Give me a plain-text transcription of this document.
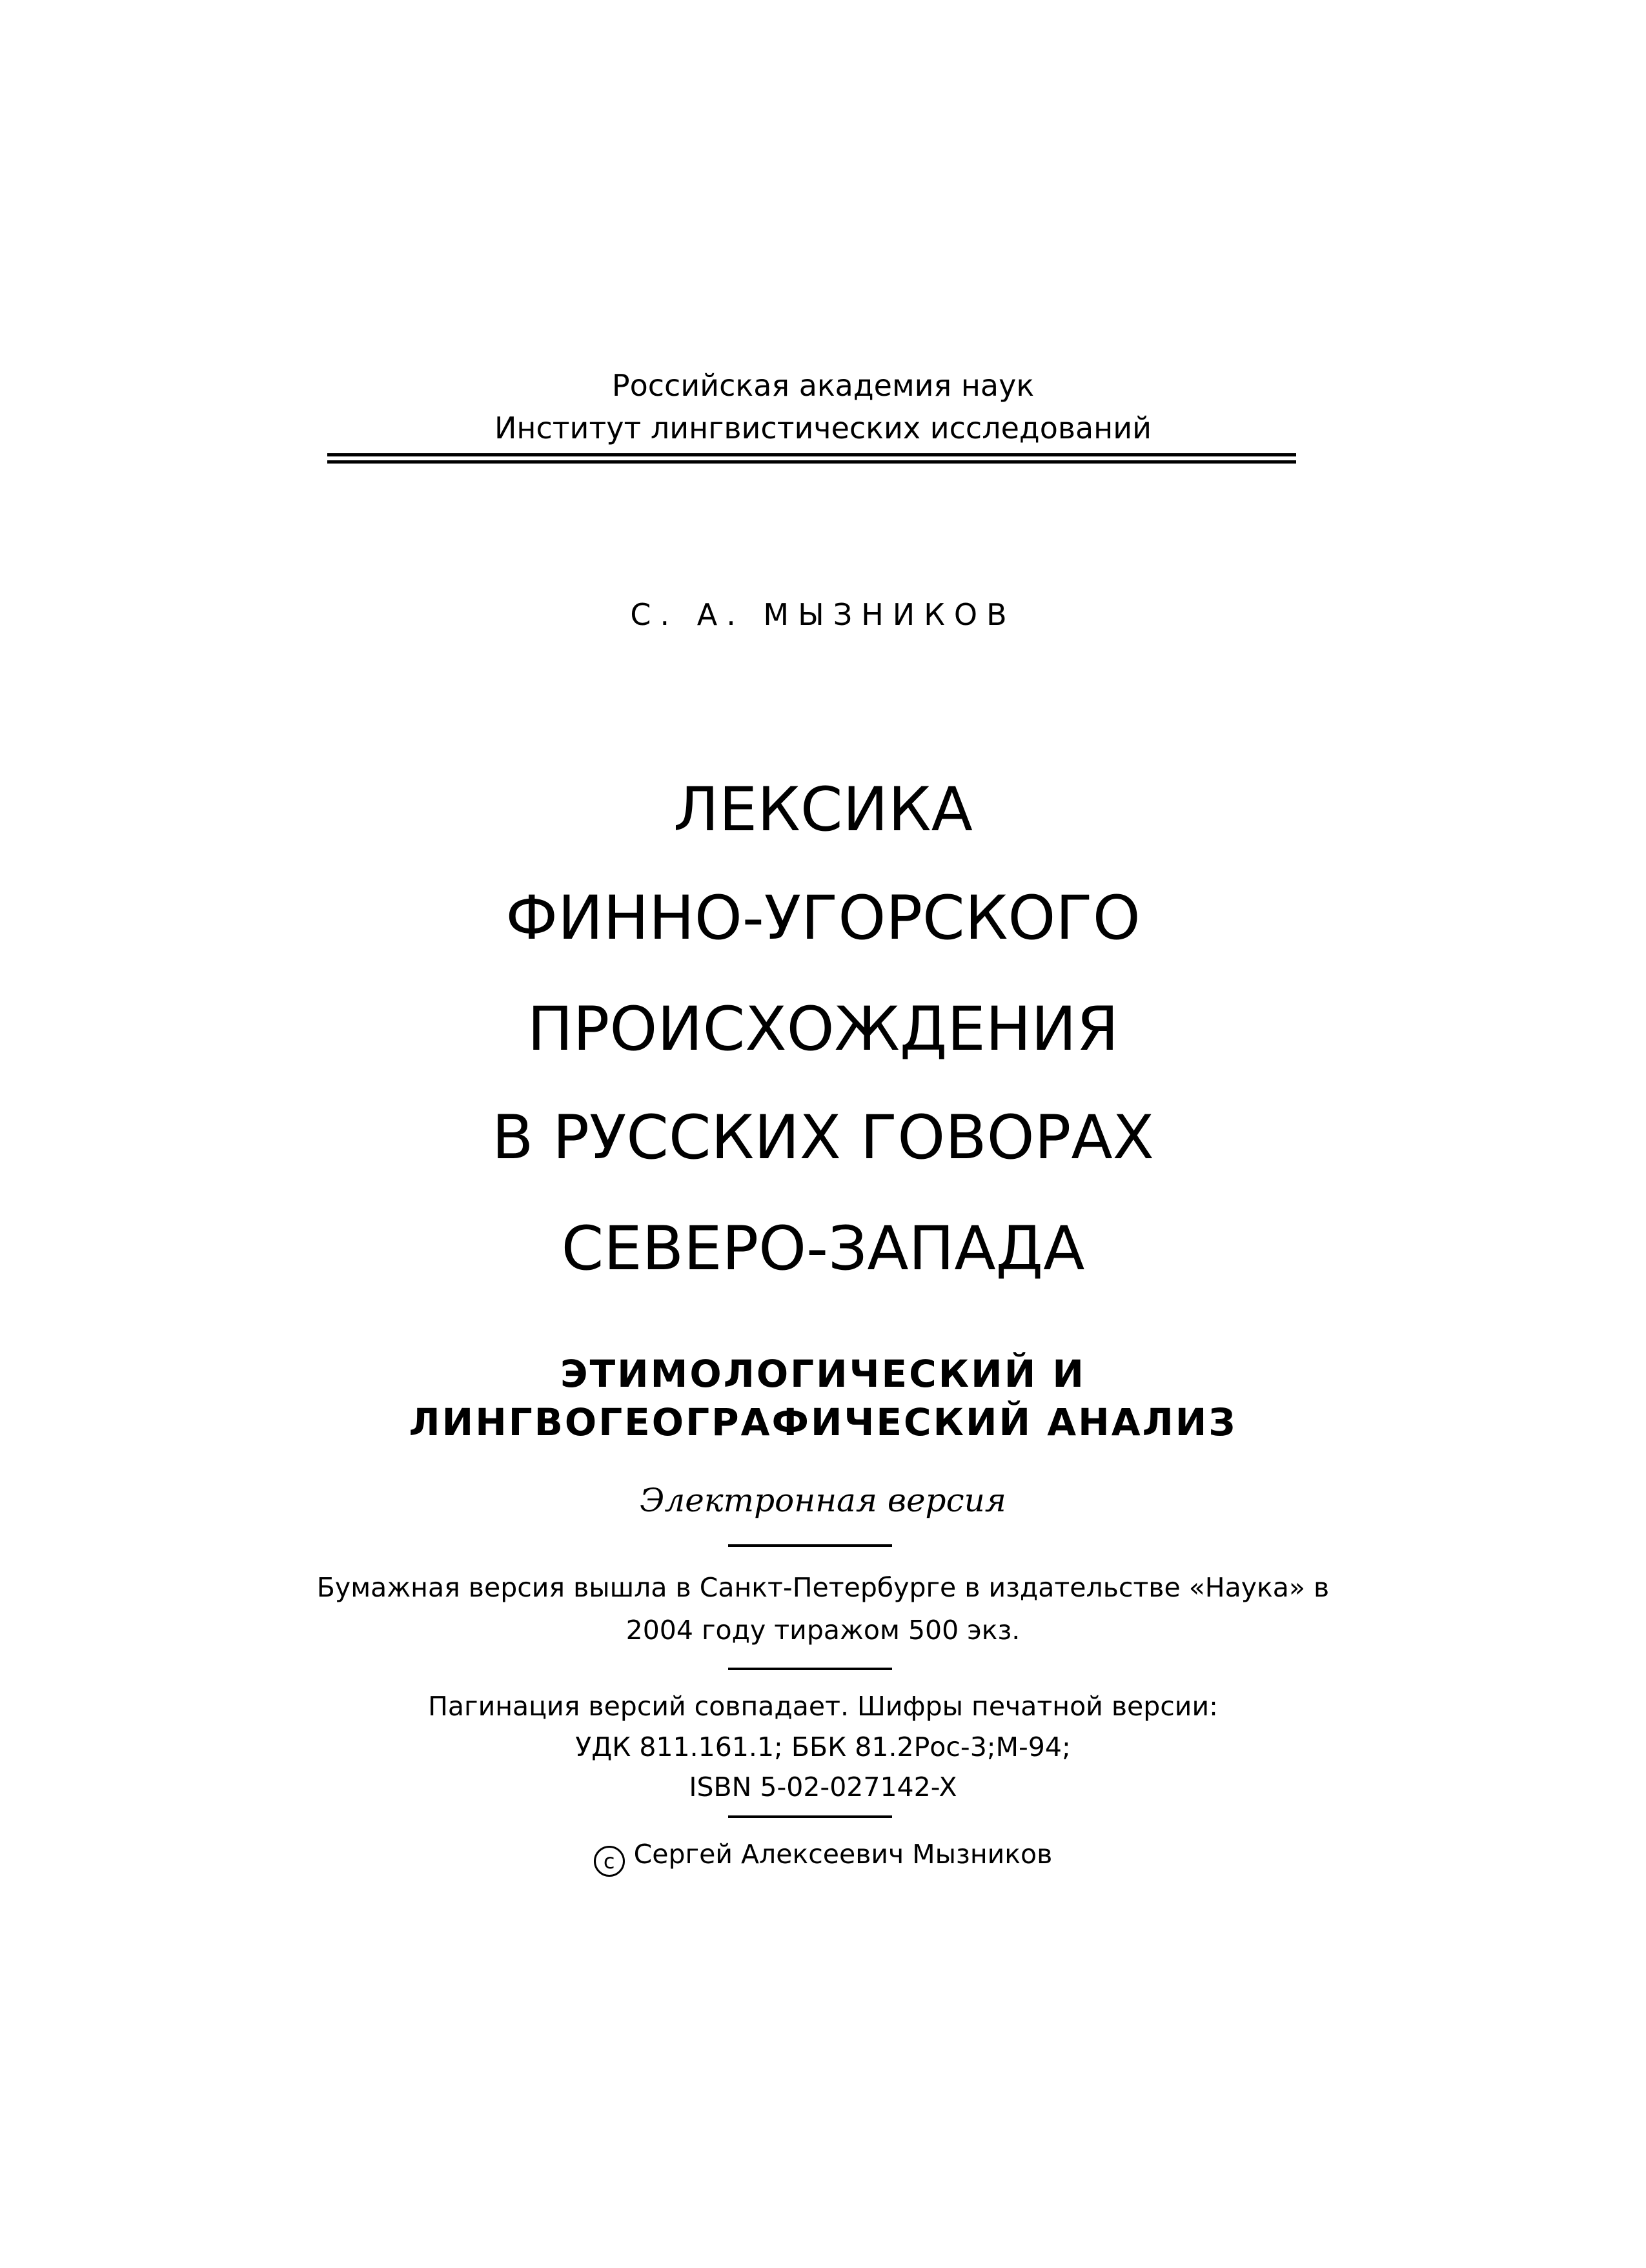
Российская академия наук
Институт лингвистических исследований
С. А. МЫЗНИКОВ
ЛЕКСИКА
ФИННО-УГОРСКОГО
ПРОИСХОЖДЕНИЯ
В РУССКИХ ГОВОРАХ
СЕВЕРО-ЗАПАДА
ЭТИМОЛОГИЧЕСКИЙ И
ЛИНГВОГЕОГРАФИЧЕСКИЙ АНАЛИЗ
Электронная версия
Бумажная версия вышла в Санкт-Петербурге в издательстве «Наука» в
2004 году тиражом 500 экз.
Пагинация версий совпадает. Шифры печатной версии:
УДК 811.161.1; ББК 81.2Рос-3;М-94;
ISBN 5-02-027142-X
c Сергей Алексеевич Мызников
